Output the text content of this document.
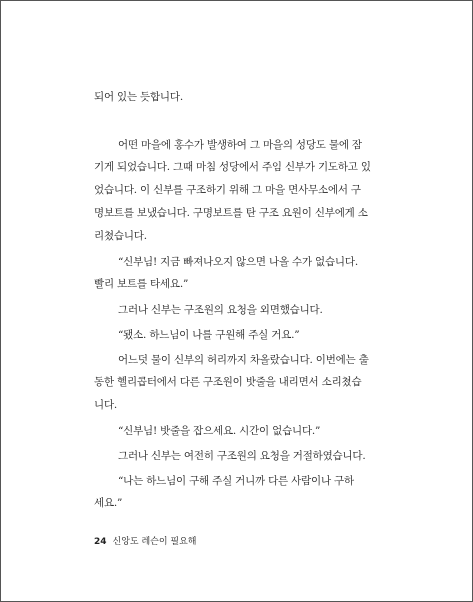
되어 있는 듯합니다.
어떤 마을에 홍수가 발생하여 그 마을의 성당도 물에 잠
기게 되었습니다. 그때 마침 성당에서 주임 신부가 기도하고 있
었습니다. 이 신부를 구조하기 위해 그 마을 면사무소에서 구
명보트를 보냈습니다. 구명보트를 탄 구조 요원이 신부에게 소
리쳤습니다.
“신부님! 지금 빠져나오지 않으면 나올 수가 없습니다.
빨리 보트를 타세요.”
그러나 신부는 구조원의 요청을 외면했습니다.
“됐소. 하느님이 나를 구원해 주실 거요.”
어느덧 물이 신부의 허리까지 차올랐습니다. 이번에는 출
동한 헬리콥터에서 다른 구조원이 밧줄을 내리면서 소리쳤습
니다.
“신부님! 밧줄을 잡으세요. 시간이 없습니다.”
그러나 신부는 여전히 구조원의 요청을 거절하였습니다.
“나는 하느님이 구해 주실 거니까 다른 사람이나 구하
세요.”
24 신앙도 레슨이 필요해
